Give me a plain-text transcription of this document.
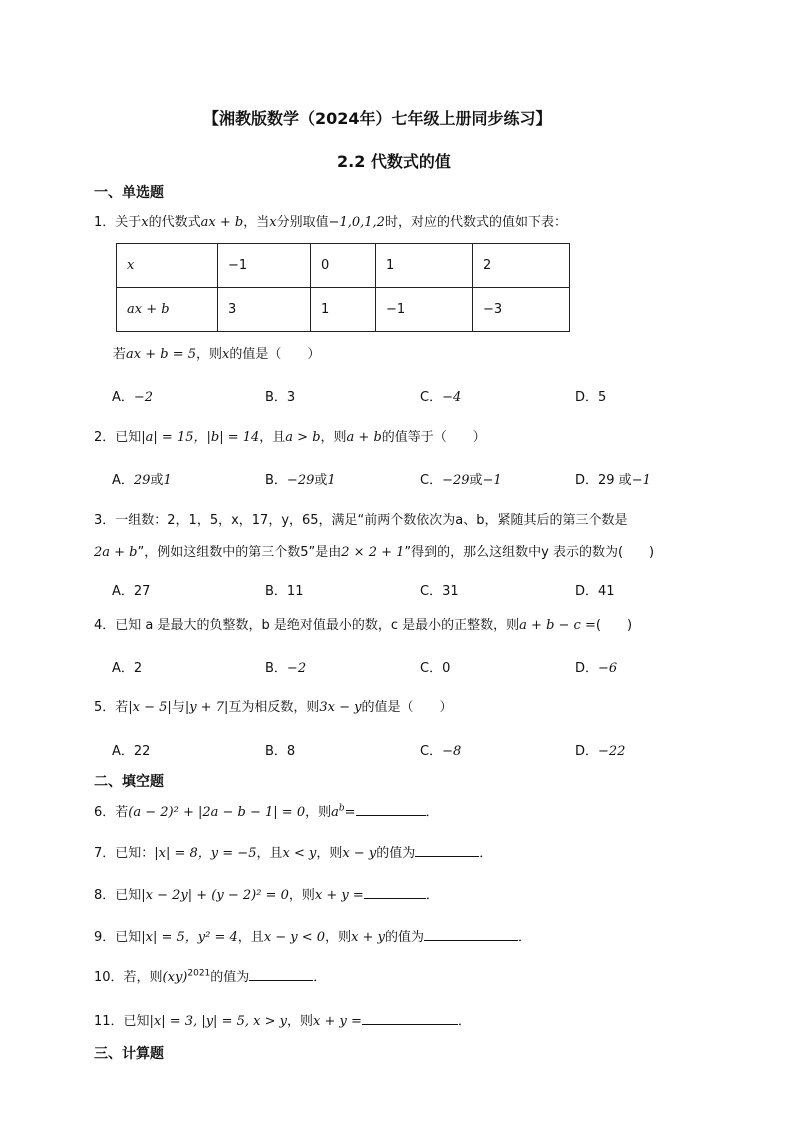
【湘教版数学（2024年）七年级上册同步练习】
2.2 代数式的值
一、单选题
1．关于x的代数式ax + b，当x分别取值−1,0,1,2时，对应的代数式的值如下表：
x	−1	0	1	2
ax + b	3	1	−1	−3
若ax + b = 5，则x的值是（　　）
A．−2	B．3	C．−4	D．5
2．已知|a| = 15，|b| = 14，且a > b，则a + b的值等于（　　）
A．29或1	B．−29或1	C．−29或−1	D．29 或−1
3．一组数：2，1，5，x，17，y，65，满足“前两个数依次为a、b，紧随其后的第三个数是
2a + b”，例如这组数中的第三个数5”是由2 × 2 + 1”得到的，那么这组数中y 表示的数为(　　)
A．27	B．11	C．31	D．41
4．已知 a 是最大的负整数，b 是绝对值最小的数，c 是最小的正整数，则a + b − c =(　　)
A．2	B．−2	C．0	D．−6
5．若|x − 5|与|y + 7|互为相反数，则3x − y的值是（　　）
A．22	B．8	C．−8	D．−22
二、填空题
6．若(a − 2)² + |2a − b − 1| = 0，则$a^b=$	．
7．已知：|x| = 8，y = −5，且x < y，则x − y的值为	．
8．已知|x − 2y| + (y − 2)² = 0，则x + y =	．
9．已知|x| = 5，y² = 4，且x − y < 0，则x + y的值为	．
10．若，则(xy)$^{2021}$的值为	．
11．已知|x| = 3, |y| = 5, x > y，则x + y =	．
三、计算题
